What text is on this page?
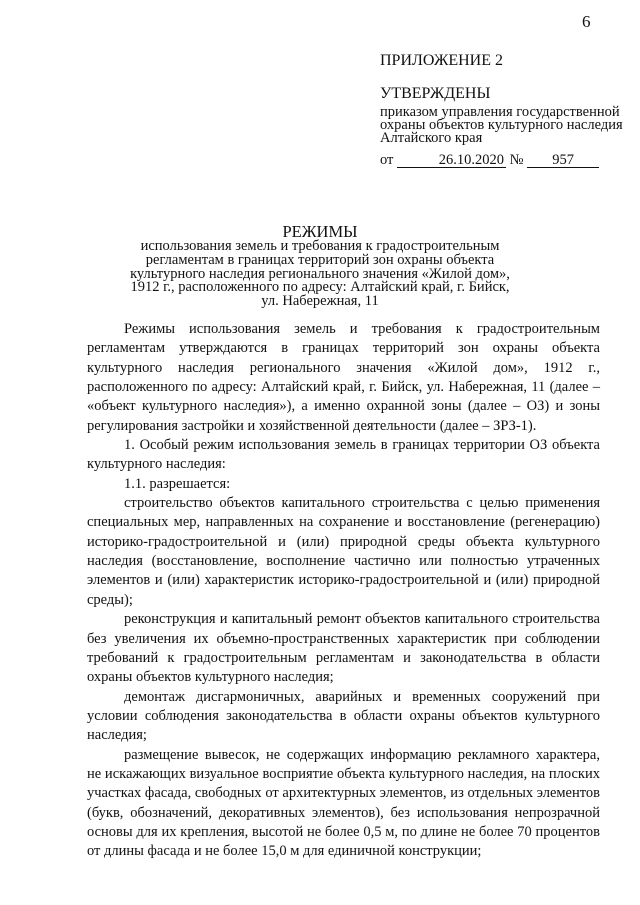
6
ПРИЛОЖЕНИЕ 2
УТВЕРЖДЕНЫ
приказом управления государственной охраны объектов культурного наследия Алтайского края
от	26.10.2020 № 957
РЕЖИМЫ
использования земель и требования к градостроительным регламентам в границах территорий зон охраны объекта культурного наследия регионального значения «Жилой дом», 1912 г., расположенного по адресу: Алтайский край, г. Бийск, ул. Набережная, 11

Режимы использования земель и требования к градостроительным регламентам утверждаются в границах территорий зон охраны объекта культурного наследия регионального значения «Жилой дом», 1912 г., расположенного по адресу: Алтайский край, г. Бийск, ул. Набережная, 11 (далее – «объект культурного наследия»), а именно охранной зоны (далее – ОЗ) и зоны регулирования застройки и хозяйственной деятельности (далее – ЗРЗ-1).

1. Особый режим использования земель в границах территории ОЗ объекта культурного наследия:

1.1. разрешается:

строительство объектов капитального строительства с целью применения специальных мер, направленных на сохранение и восстановление (регенерацию) историко-градостроительной и (или) природной среды объекта культурного наследия (восстановление, восполнение частично или полностью утраченных элементов и (или) характеристик историко-градостроительной и (или) природной среды);

реконструкция и капитальный ремонт объектов капитального строительства без увеличения их объемно-пространственных характеристик при соблюдении требований к градостроительным регламентам и законодательства в области охраны объектов культурного наследия;

демонтаж дисгармоничных, аварийных и временных сооружений при условии соблюдения законодательства в области охраны объектов культурного наследия;

размещение вывесок, не содержащих информацию рекламного характера, не искажающих визуальное восприятие объекта культурного наследия, на плоских участках фасада, свободных от архитектурных элементов, из отдельных элементов (букв, обозначений, декоративных элементов), без использования непрозрачной основы для их крепления, высотой не более 0,5 м, по длине не более 70 процентов от длины фасада и не более 15,0 м для единичной конструкции;
